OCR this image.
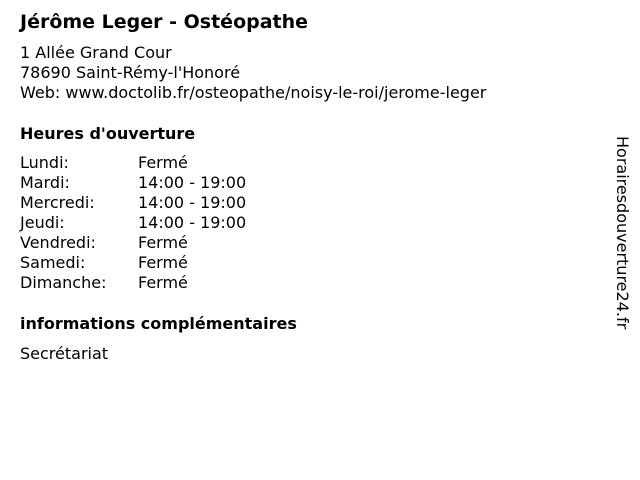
Jérôme Leger - Ostéopathe
1 Allée Grand Cour
78690 Saint-Rémy-l'Honoré
Web: www.doctolib.fr/osteopathe/noisy-le-roi/jerome-leger
Heures d'ouverture
Lundi:	Fermé
Mardi:	14:00 - 19:00
Mercredi:	14:00 - 19:00
Jeudi:	14:00 - 19:00
Vendredi:	Fermé
Samedi:	Fermé
Dimanche:	Fermé
informations complémentaires
Secrétariat
Horairesdouverture24.fr
